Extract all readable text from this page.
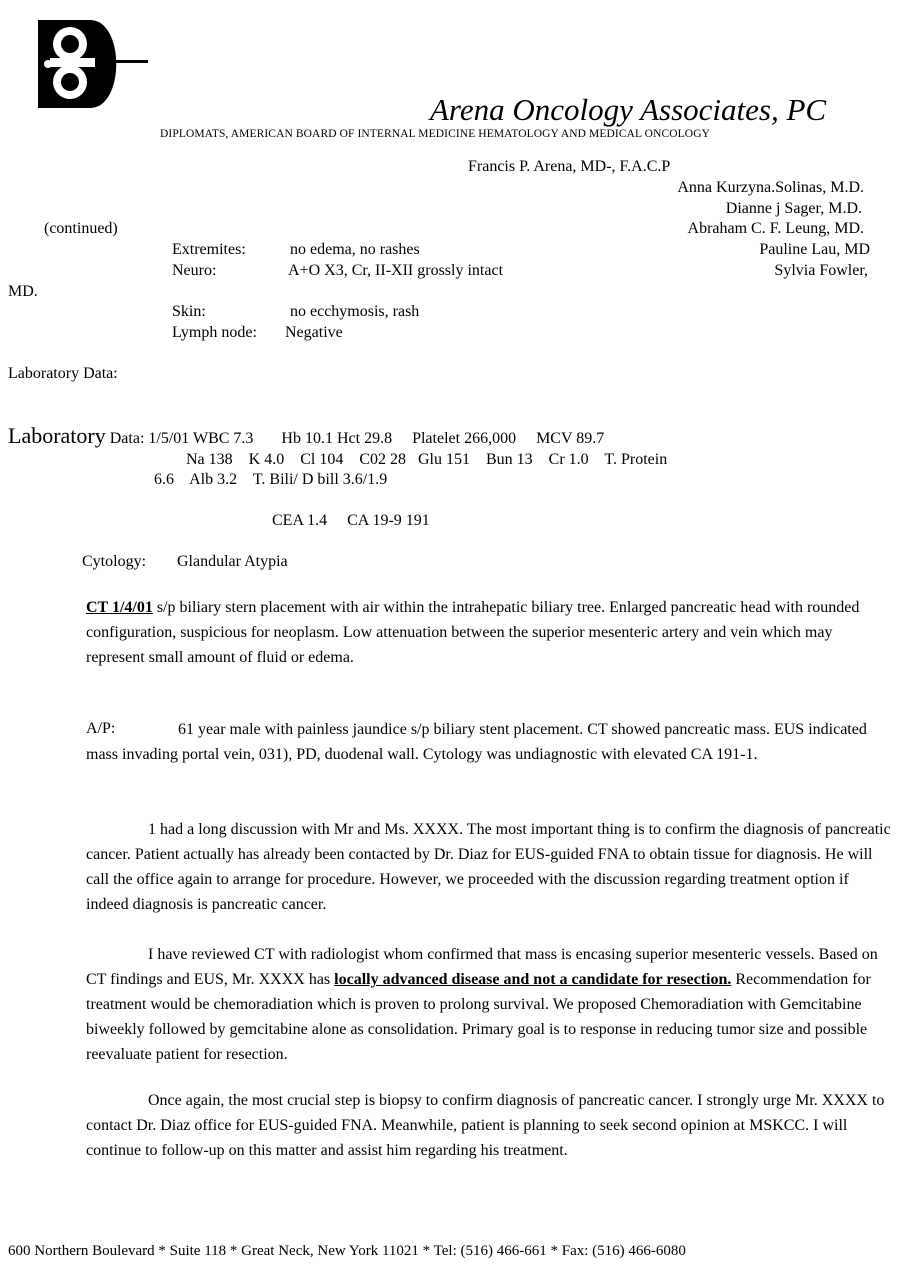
Arena Oncology Associates, PC
DIPLOMATS, AMERICAN BOARD OF INTERNAL MEDICINE HEMATOLOGY AND MEDICAL ONCOLOGY
Francis P. Arena, MD-, F.A.C.P
Anna Kurzyna.Solinas, M.D.
Dianne j Sager, M.D.
Abraham C. F. Leung, MD.
Pauline Lau, MD
Sylvia Fowler,
MD.
(continued)
Extremites:	no edema, no rashes
Neuro:	A+O X3, Cr, II-XII grossly intact
Skin:	no ecchymosis, rash
Lymph node: Negative
Laboratory Data:
Laboratory Data: 1/5/01 WBC 7.3       Hb 10.1 Hct 29.8     Platelet 266,000     MCV 89.7
Na 138    K 4.0    Cl 104    C02 28   Glu 151    Bun 13    Cr 1.0    T. Protein
6.6    Alb 3.2    T. Bili/ D bill 3.6/1.9
CEA 1.4     CA 19-9 191
Cytology: Glandular Atypia
CT 1/4/01 s/p biliary stern placement with air within the intrahepatic biliary tree. Enlarged pancreatic head with rounded configuration, suspicious for neoplasm. Low attenuation between the superior mesenteric artery and vein which may represent small amount of fluid or edema.
A/P:	61 year male with painless jaundice s/p biliary stent placement. CT showed pancreatic mass. EUS indicated mass invading portal vein, 031), PD, duodenal wall. Cytology was undiagnostic with elevated CA 191-1.
1 had a long discussion with Mr and Ms. XXXX. The most important thing is to confirm the diagnosis of pancreatic cancer. Patient actually has already been contacted by Dr. Diaz for EUS-guided FNA to obtain tissue for diagnosis. He will call the office again to arrange for procedure. However, we proceeded with the discussion regarding treatment option if indeed diagnosis is pancreatic cancer.
I have reviewed CT with radiologist whom confirmed that mass is encasing superior mesenteric vessels. Based on CT findings and EUS, Mr. XXXX has locally advanced disease and not a candidate for resection. Recommendation for treatment would be chemoradiation which is proven to prolong survival. We proposed Chemoradiation with Gemcitabine biweekly followed by gemcitabine alone as consolidation. Primary goal is to response in reducing tumor size and possible reevaluate patient for resection.
Once again, the most crucial step is biopsy to confirm diagnosis of pancreatic cancer. I strongly urge Mr. XXXX to contact Dr. Diaz office for EUS-guided FNA. Meanwhile, patient is planning to seek second opinion at MSKCC. I will continue to follow-up on this matter and assist him regarding his treatment.
600 Northern Boulevard * Suite 118 * Great Neck, New York 11021 * Tel: (516) 466-661 * Fax: (516) 466-6080
